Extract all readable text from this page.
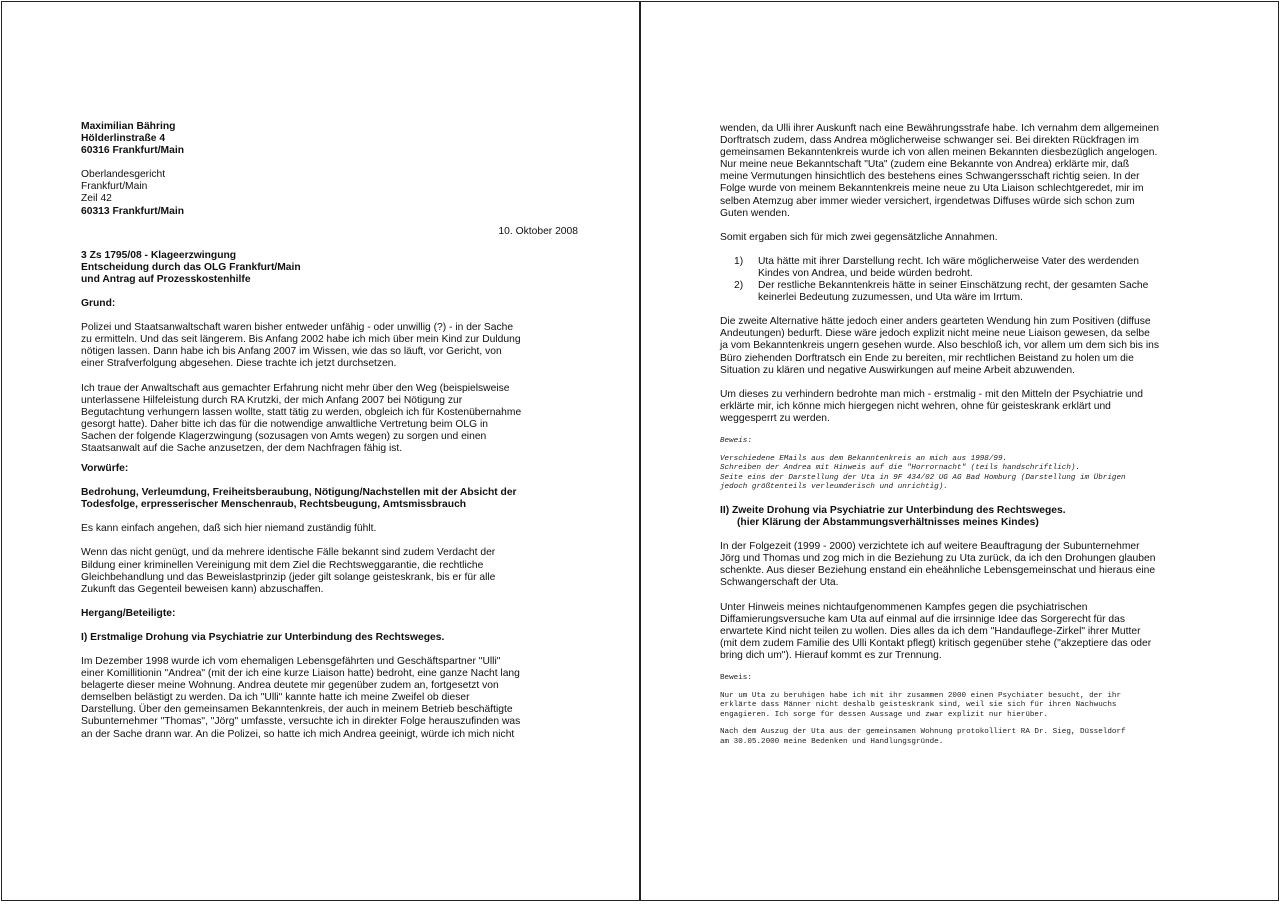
Maximilian Bähring

Hölderlinstraße 4

60316 Frankfurt/Main

Oberlandesgericht

Frankfurt/Main

Zeil 42

60313 Frankfurt/Main

10. Oktober 2008

3 Zs 1795/08 - Klageerzwingung

Entscheidung durch das OLG Frankfurt/Main

und Antrag auf Prozesskostenhilfe

Grund:

Polizei und Staatsanwaltschaft waren bisher entweder unfähig - oder unwillig (?) - in der Sache

zu ermitteln. Und das seit längerem. Bis Anfang 2002 habe ich mich über mein Kind zur Duldung

nötigen lassen. Dann habe ich bis Anfang 2007 im Wissen, wie das so läuft, vor Gericht, von

einer Strafverfolgung abgesehen. Diese trachte ich jetzt durchsetzen.

Ich traue der Anwaltschaft aus gemachter Erfahrung nicht mehr über den Weg (beispielsweise

unterlassene Hilfeleistung durch RA Krutzki, der mich Anfang 2007 bei Nötigung zur

Begutachtung verhungern lassen wollte, statt tätig zu werden, obgleich ich für Kostenübernahme

gesorgt hatte). Daher bitte ich das für die notwendige anwaltliche Vertretung beim OLG in

Sachen der folgende Klagerzwingung (sozusagen von Amts wegen) zu sorgen und einen

Staatsanwalt auf die Sache anzusetzen, der dem Nachfragen fähig ist.

Vorwürfe:

Bedrohung, Verleumdung, Freiheitsberaubung, Nötigung/Nachstellen mit der Absicht der

Todesfolge, erpresserischer Menschenraub, Rechtsbeugung, Amtsmissbrauch

Es kann einfach angehen, daß sich hier niemand zuständig fühlt.

Wenn das nicht genügt, und da mehrere identische Fälle bekannt sind zudem Verdacht der

Bildung einer kriminellen Vereinigung mit dem Ziel die Rechtsweggarantie, die rechtliche

Gleichbehandlung und das Beweislastprinzip (jeder gilt solange geisteskrank, bis er für alle

Zukunft das Gegenteil beweisen kann) abzuschaffen.

Hergang/Beteiligte:

I) Erstmalige Drohung via Psychiatrie zur Unterbindung des Rechtsweges.

Im Dezember 1998 wurde ich vom ehemaligen Lebensgefährten und Geschäftspartner "Ulli"

einer Komillitionin "Andrea" (mit der ich eine kurze Liaison hatte) bedroht, eine ganze Nacht lang

belagerte dieser meine Wohnung. Andrea deutete mir gegenüber zudem an, fortgesetzt von

demselben belästigt zu werden. Da ich "Ulli" kannte hatte ich meine Zweifel ob dieser

Darstellung. Über den gemeinsamen Bekanntenkreis, der auch in meinem Betrieb beschäftigte

Subunternehmer "Thomas", "Jörg" umfasste, versuchte ich in direkter Folge herauszufinden was

an der Sache drann war. An die Polizei, so hatte ich mich Andrea geeinigt, würde ich mich nicht

wenden, da Ulli ihrer Auskunft nach eine Bewährungsstrafe habe. Ich vernahm dem allgemeinen

Dorftratsch zudem, dass Andrea möglicherweise schwanger sei. Bei direkten Rückfragen im

gemeinsamen Bekanntenkreis wurde ich von allen meinen Bekannten diesbezüglich angelogen.

Nur meine neue Bekanntschaft "Uta" (zudem eine Bekannte von Andrea) erklärte mir, daß

meine Vermutungen hinsichtlich des bestehens eines Schwangersschaft richtig seien. In der

Folge wurde von meinem Bekanntenkreis meine neue zu Uta Liaison schlechtgeredet, mir im

selben Atemzug aber immer wieder versichert, irgendetwas Diffuses würde sich schon zum

Guten wenden.

Somit ergaben sich für mich zwei gegensätzliche Annahmen.

1) Uta hätte mit ihrer Darstellung recht. Ich wäre möglicherweise Vater des werdenden

Kindes von Andrea, und beide würden bedroht.

2) Der restliche Bekanntenkreis hätte in seiner Einschätzung recht, der gesamten Sache

keinerlei Bedeutung zuzumessen, und Uta wäre im Irrtum.

Die zweite Alternative hätte jedoch einer anders gearteten Wendung hin zum Positiven (diffuse

Andeutungen) bedurft. Diese wäre jedoch explizit nicht meine neue Liaison gewesen, da selbe

ja vom Bekanntenkreis ungern gesehen wurde. Also beschloß ich, vor allem um dem sich bis ins

Büro ziehenden Dorftratsch ein Ende zu bereiten, mir rechtlichen Beistand zu holen um die

Situation zu klären und negative Auswirkungen auf meine Arbeit abzuwenden.

Um dieses zu verhindern bedrohte man mich - erstmalig - mit den Mitteln der Psychiatrie und

erklärte mir, ich könne mich hiergegen nicht wehren, ohne für geisteskrank erklärt und

weggesperrt zu werden.

Beweis:

Verschiedene EMails aus dem Bekanntenkreis an mich aus 1998/99.

Schreiben der Andrea mit Hinweis auf die "Horrornacht" (teils handschriftlich).

Seite eins der Darstellung der Uta in 9F 434/02 UG AG Bad Homburg (Darstellung im Übrigen

jedoch größtenteils verleumderisch und unrichtig).

II) Zweite Drohung via Psychiatrie zur Unterbindung des Rechtsweges.

(hier Klärung der Abstammungsverhältnisses meines Kindes)

In der Folgezeit (1999 - 2000) verzichtete ich auf weitere Beauftragung der Subunternehmer

Jörg und Thomas und zog mich in die Beziehung zu Uta zurück, da ich den Drohungen glauben

schenkte. Aus dieser Beziehung enstand ein eheähnliche Lebensgemeinschat und hieraus eine

Schwangerschaft der Uta.

Unter Hinweis meines nichtaufgenommenen Kampfes gegen die psychiatrischen

Diffamierungsversuche kam Uta auf einmal auf die irrsinnige Idee das Sorgerecht für das

erwartete Kind nicht teilen zu wollen. Dies alles da ich dem "Handauflege-Zirkel" ihrer Mutter

(mit dem zudem Familie des Ulli Kontakt pflegt) kritisch gegenüber stehe ("akzeptiere das oder

bring dich um"). Hierauf kommt es zur Trennung.

Beweis:

Nur um Uta zu beruhigen habe ich mit ihr zusammen 2000 einen Psychiater besucht, der ihr

erklärte dass Männer nicht deshalb geisteskrank sind, weil sie sich für ihren Nachwuchs

engagieren. Ich sorge für dessen Aussage und zwar explizit nur hierüber.

Nach dem Auszug der Uta aus der gemeinsamen Wohnung protokolliert RA Dr. Sieg, Düsseldorf

am 30.05.2000 meine Bedenken und Handlungsgründe.
